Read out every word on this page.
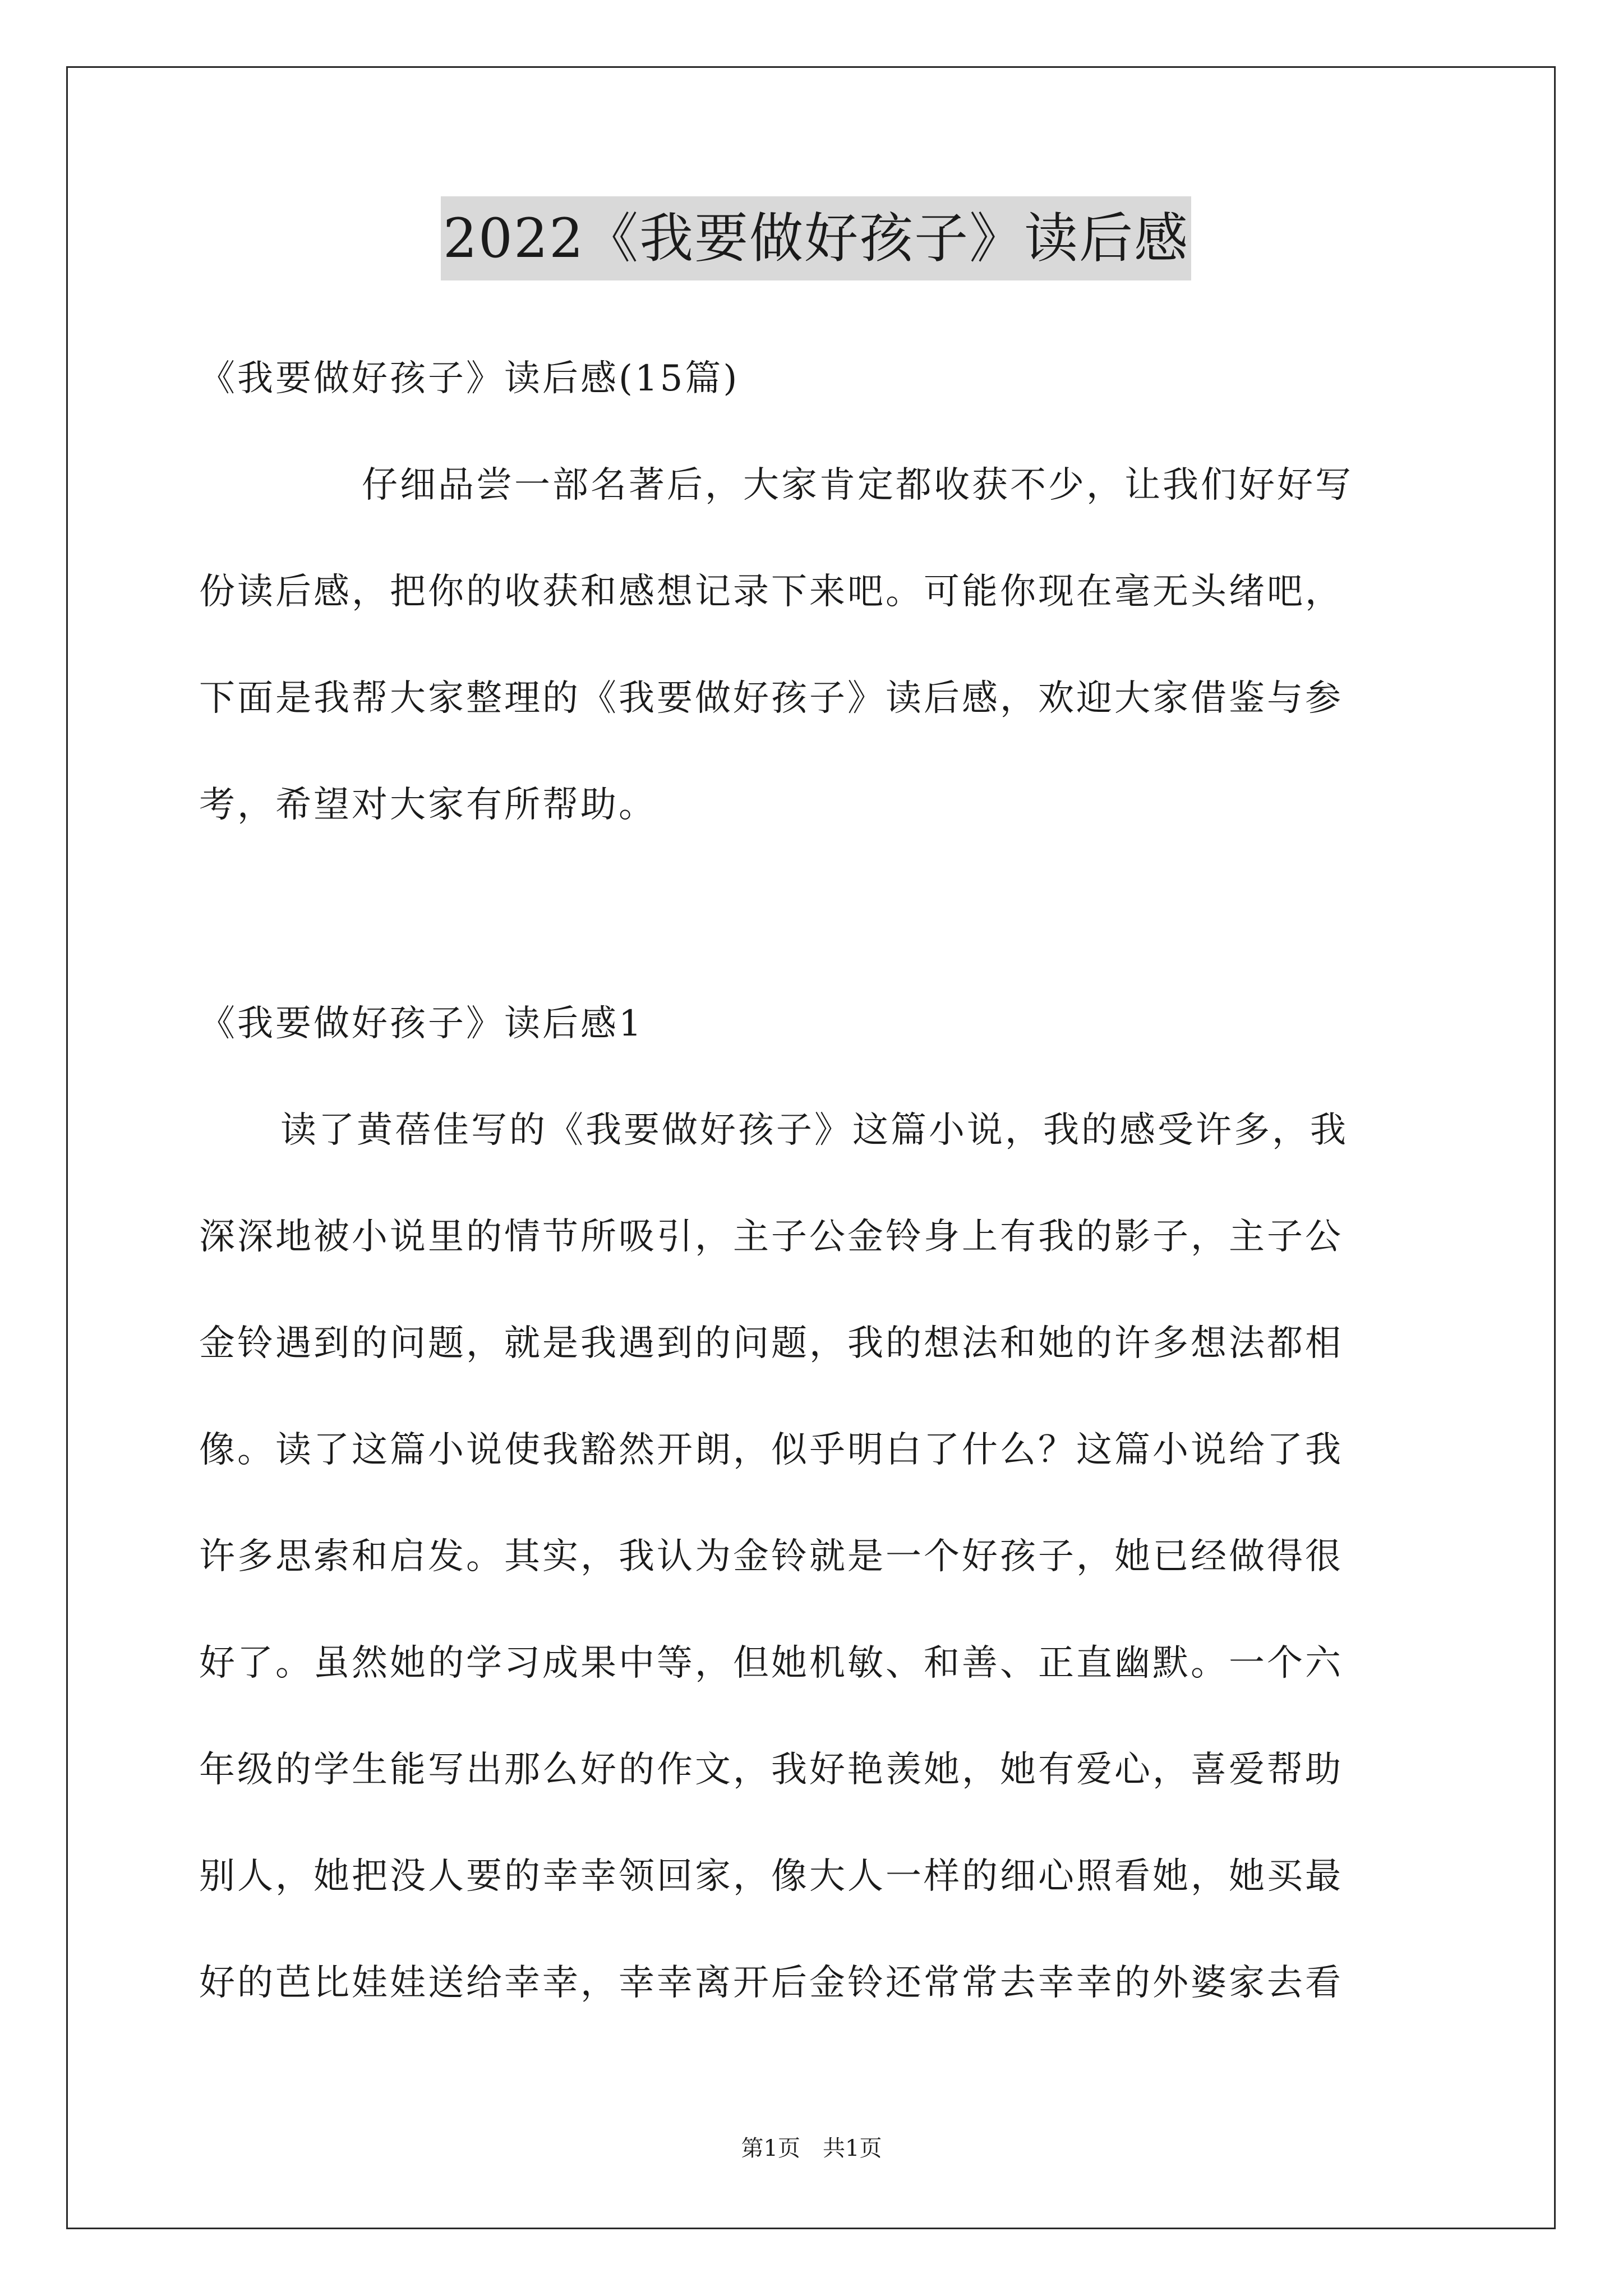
2022《我要做好孩子》读后感
《我要做好孩子》读后感(15篇)
仔细品尝一部名著后，大家肯定都收获不少，让我们好好写
份读后感，把你的收获和感想记录下来吧。可能你现在毫无头绪吧，
下面是我帮大家整理的《我要做好孩子》读后感，欢迎大家借鉴与参
考，希望对大家有所帮助。
《我要做好孩子》读后感1
读了黄蓓佳写的《我要做好孩子》这篇小说，我的感受许多，我
深深地被小说里的情节所吸引，主子公金铃身上有我的影子，主子公
金铃遇到的问题，就是我遇到的问题，我的想法和她的许多想法都相
像。读了这篇小说使我豁然开朗，似乎明白了什么？这篇小说给了我
许多思索和启发。其实，我认为金铃就是一个好孩子，她已经做得很
好了。虽然她的学习成果中等，但她机敏、和善、正直幽默。一个六
年级的学生能写出那么好的作文，我好艳羡她，她有爱心，喜爱帮助
别人，她把没人要的幸幸领回家，像大人一样的细心照看她，她买最
好的芭比娃娃送给幸幸，幸幸离开后金铃还常常去幸幸的外婆家去看
第1页　共1页
